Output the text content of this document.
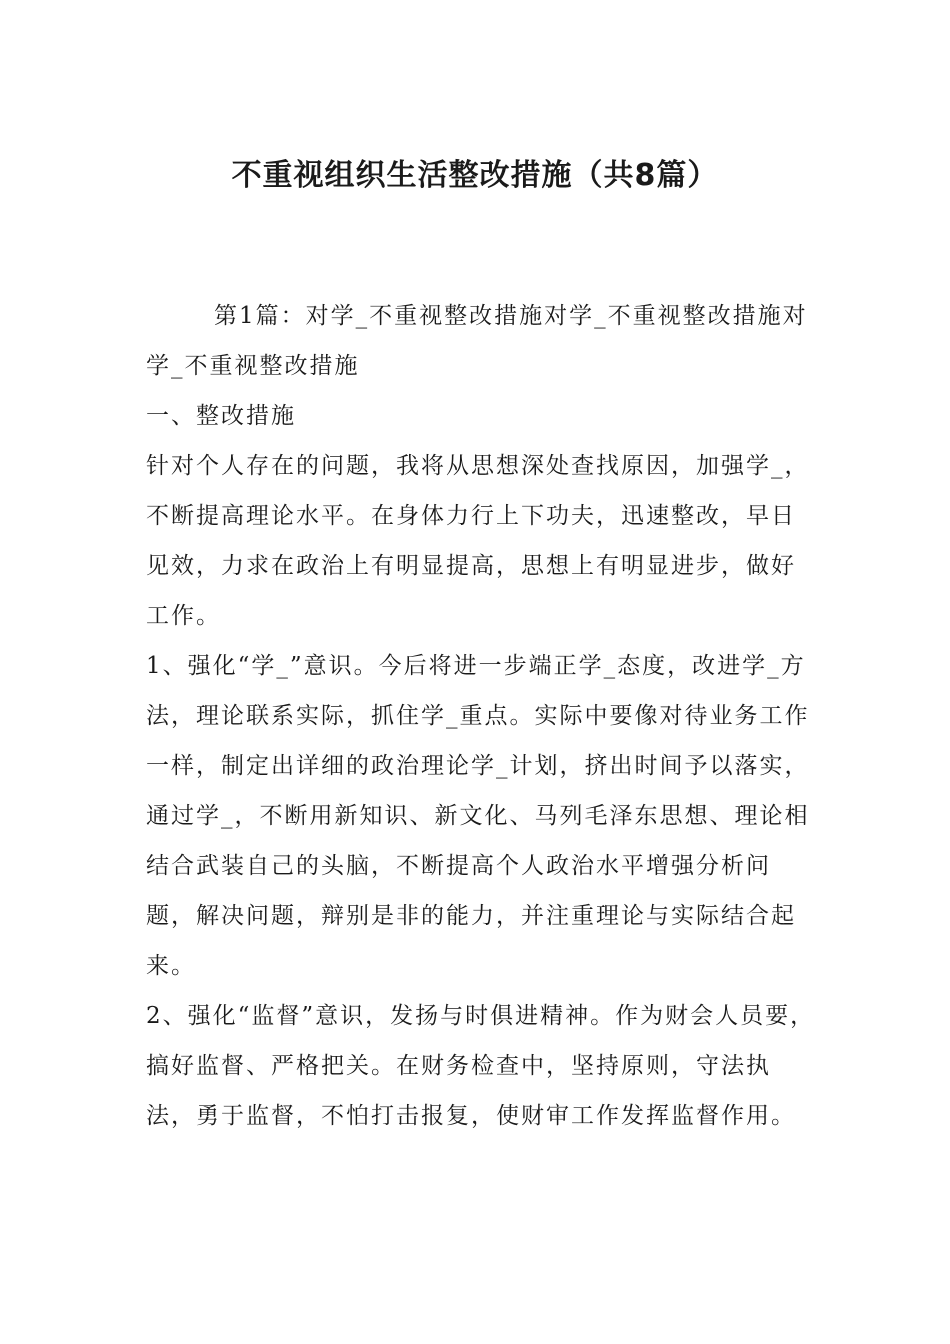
不重视组织生活整改措施（共8篇）

第1篇：对学_不重视整改措施对学_不重视整改措施对学_不重视整改措施

一、整改措施

针对个人存在的问题，我将从思想深处查找原因，加强学_，不断提高理论水平。在身体力行上下功夫，迅速整改，早日见效，力求在政治上有明显提高，思想上有明显进步，做好工作。

1、强化“学_”意识。今后将进一步端正学_态度，改进学_方法，理论联系实际，抓住学_重点。实际中要像对待业务工作一样，制定出详细的政治理论学_计划，挤出时间予以落实，通过学_，不断用新知识、新文化、马列毛泽东思想、理论相结合武装自己的头脑，不断提高个人政治水平增强分析问题，解决问题，辩别是非的能力，并注重理论与实际结合起来。

2、强化“监督”意识，发扬与时俱进精神。作为财会人员要，搞好监督、严格把关。在财务检查中，坚持原则，守法执法，勇于监督，不怕打击报复，使财审工作发挥监督作用。
